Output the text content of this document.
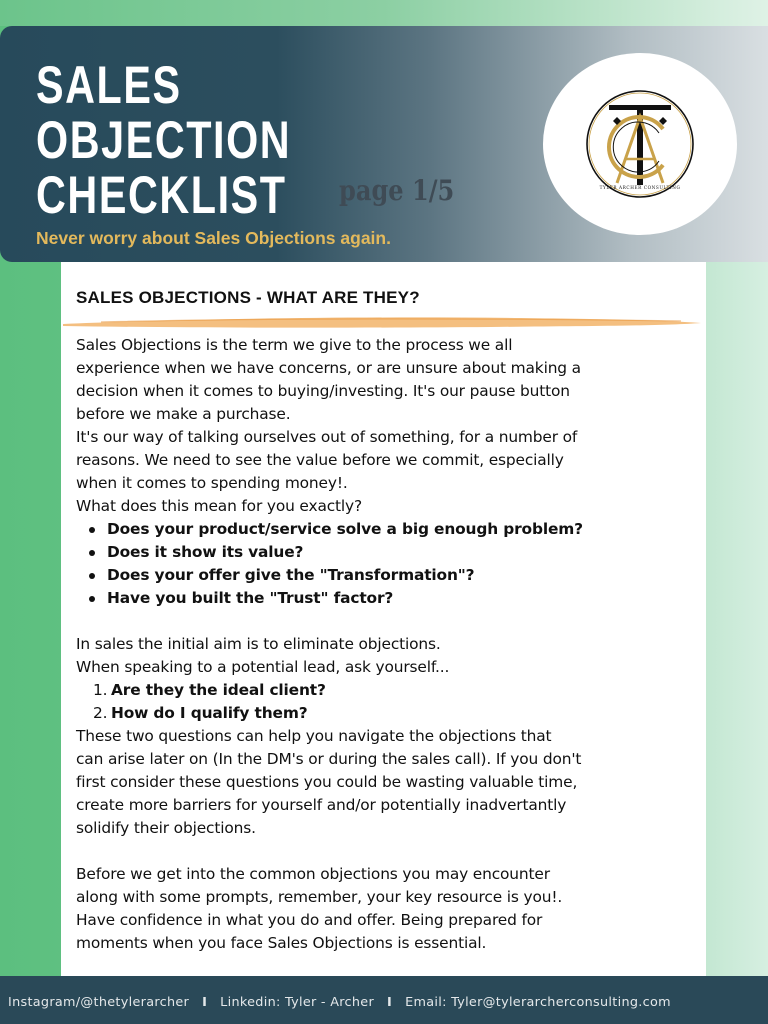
SALES
OBJECTION
CHECKLIST page 1/5
Never worry about Sales Objections again.
TYLER ARCHER CONSULTING
SALES OBJECTIONS - WHAT ARE THEY?

Sales Objections is the term we give to the process we all

experience when we have concerns, or are unsure about making a

decision when it comes to buying/investing. It's our pause button

before we make a purchase.

It's our way of talking ourselves out of something, for a number of

reasons. We need to see the value before we commit, especially

when it comes to spending money!.

What does this mean for you exactly?

Does your product/service solve a big enough problem?
Does it show its value?
Does your offer give the "Transformation"?
Have you built the "Trust" factor?

In sales the initial aim is to eliminate objections.

When speaking to a potential lead, ask yourself...

1. Are they the ideal client?
2. How do I qualify them?

These two questions can help you navigate the objections that

can arise later on (In the DM's or during the sales call). If you don't

first consider these questions you could be wasting valuable time,

create more barriers for yourself and/or potentially inadvertantly

solidify their objections.

Before we get into the common objections you may encounter

along with some prompts, remember, your key resource is you!.

Have confidence in what you do and offer. Being prepared for

moments when you face Sales Objections is essential.

Instagram/@thetylerarcher I Linkedin: Tyler - Archer I Email: Tyler@tylerarcherconsulting.com
